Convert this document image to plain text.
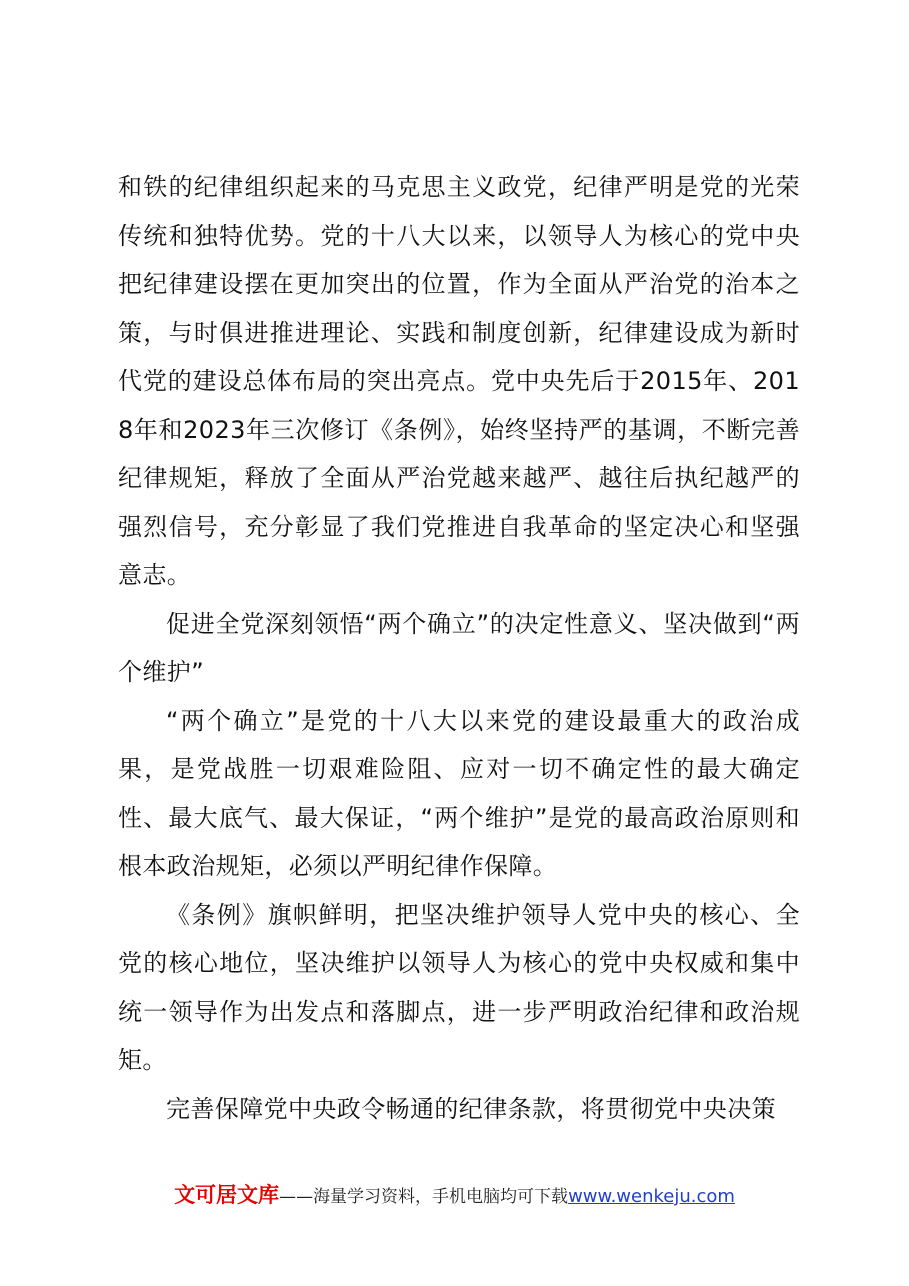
和铁的纪律组织起来的马克思主义政党，纪律严明是党的光荣传统和独特优势。党的十八大以来，以领导人为核心的党中央把纪律建设摆在更加突出的位置，作为全面从严治党的治本之策，与时俱进推进理论、实践和制度创新，纪律建设成为新时代党的建设总体布局的突出亮点。党中央先后于2015年、2018年和2023年三次修订《条例》，始终坚持严的基调，不断完善纪律规矩，释放了全面从严治党越来越严、越往后执纪越严的强烈信号，充分彰显了我们党推进自我革命的坚定决心和坚强意志。

促进全党深刻领悟“两个确立”的决定性意义、坚决做到“两个维护”

“两个确立”是党的十八大以来党的建设最重大的政治成果，是党战胜一切艰难险阻、应对一切不确定性的最大确定性、最大底气、最大保证，“两个维护”是党的最高政治原则和根本政治规矩，必须以严明纪律作保障。

《条例》旗帜鲜明，把坚决维护领导人党中央的核心、全党的核心地位，坚决维护以领导人为核心的党中央权威和集中统一领导作为出发点和落脚点，进一步严明政治纪律和政治规矩。

完善保障党中央政令畅通的纪律条款，将贯彻党中央决策

文可居文库——海量学习资料，手机电脑均可下载www.wenkeju.com
